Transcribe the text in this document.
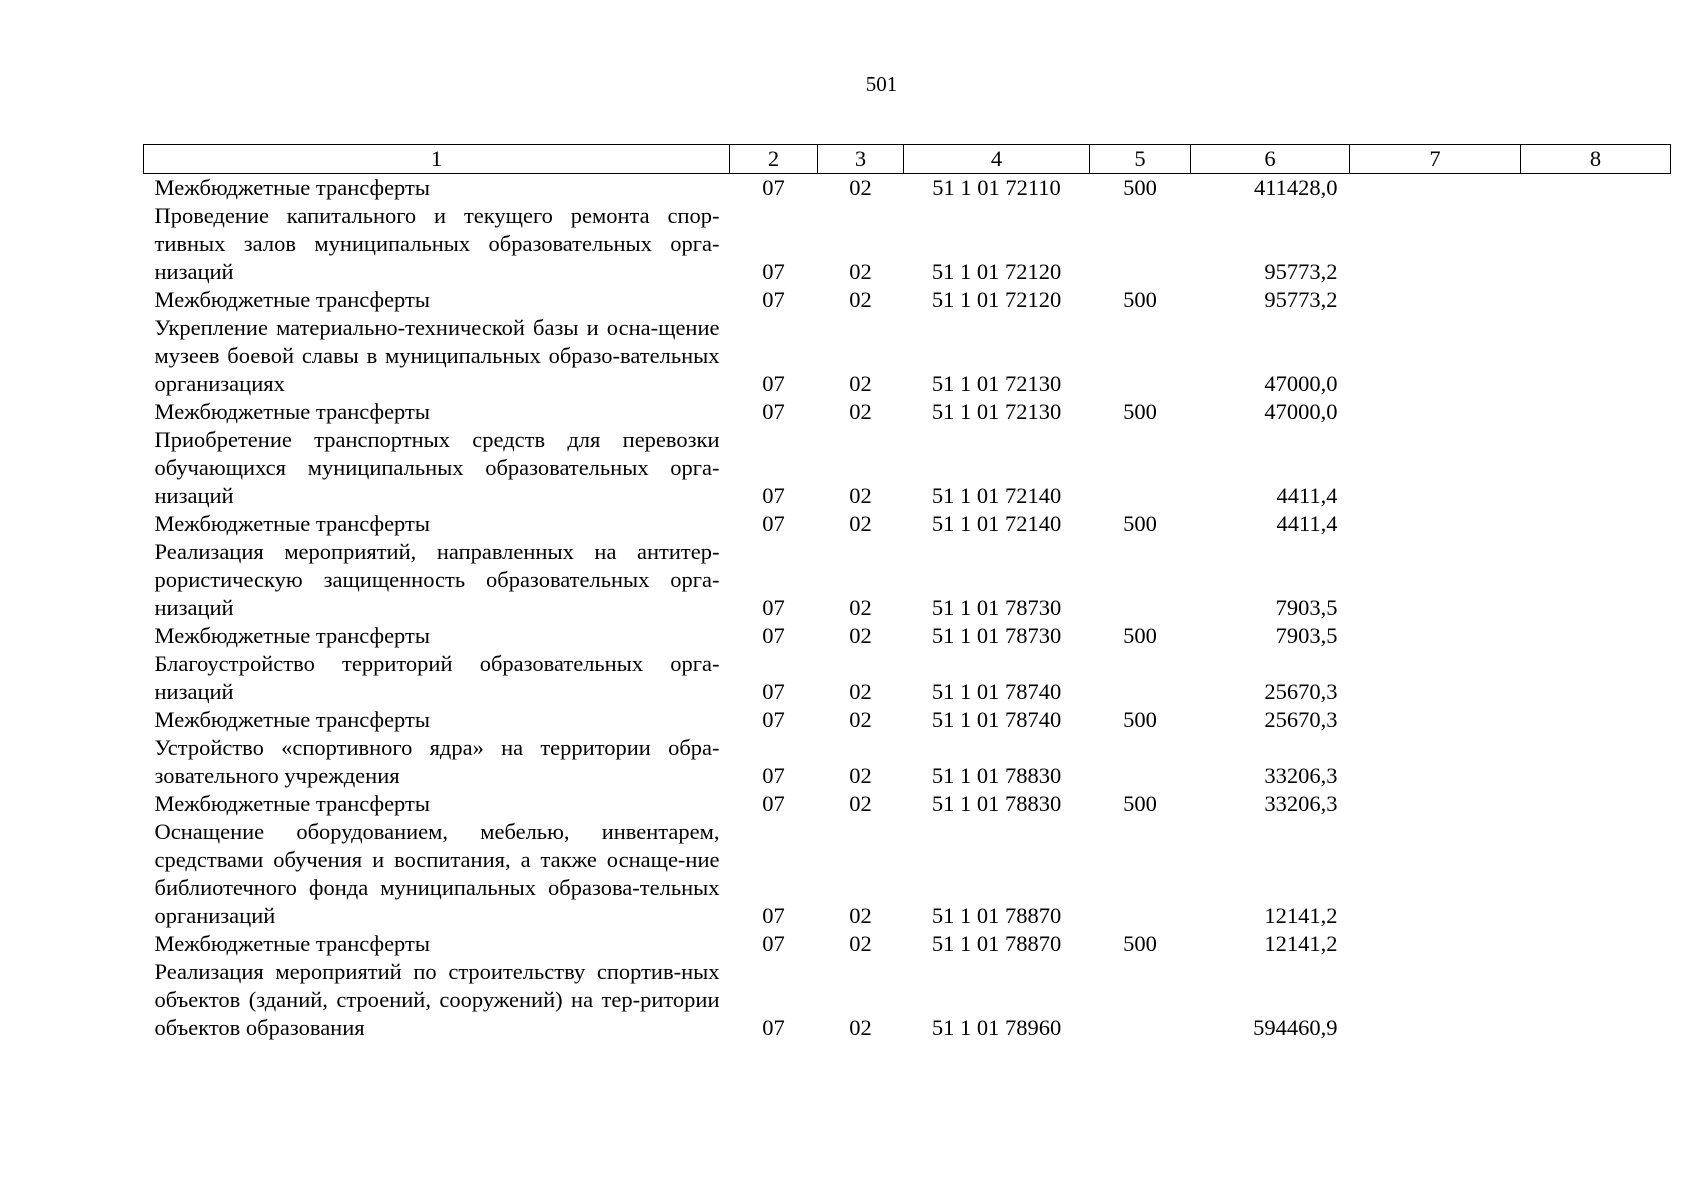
501
1	2	3	4	5	6	7	8
Межбюджетные трансферты	07	02	51 1 01 72110	500	411428,0		
Проведение капитального и текущего ремонта спор-тивных залов муниципальных образовательных орга-низаций	07	02	51 1 01 72120		95773,2		
Межбюджетные трансферты	07	02	51 1 01 72120	500	95773,2		
Укрепление материально-технической базы и осна-щение музеев боевой славы в муниципальных образо-вательных организациях	07	02	51 1 01 72130		47000,0		
Межбюджетные трансферты	07	02	51 1 01 72130	500	47000,0		
Приобретение транспортных средств для перевозки обучающихся муниципальных образовательных орга-низаций	07	02	51 1 01 72140		4411,4		
Межбюджетные трансферты	07	02	51 1 01 72140	500	4411,4		
Реализация мероприятий, направленных на антитер-рористическую защищенность образовательных орга-низаций	07	02	51 1 01 78730		7903,5		
Межбюджетные трансферты	07	02	51 1 01 78730	500	7903,5		
Благоустройство территорий образовательных орга-низаций	07	02	51 1 01 78740		25670,3		
Межбюджетные трансферты	07	02	51 1 01 78740	500	25670,3		
Устройство «спортивного ядра» на территории обра-зовательного учреждения	07	02	51 1 01 78830		33206,3		
Межбюджетные трансферты	07	02	51 1 01 78830	500	33206,3		
Оснащение оборудованием, мебелью, инвентарем, средствами обучения и воспитания, а также оснаще-ние библиотечного фонда муниципальных образова-тельных организаций	07	02	51 1 01 78870		12141,2		
Межбюджетные трансферты	07	02	51 1 01 78870	500	12141,2		
Реализация мероприятий по строительству спортив-ных объектов (зданий, строений, сооружений) на тер-ритории объектов образования	07	02	51 1 01 78960		594460,9		
